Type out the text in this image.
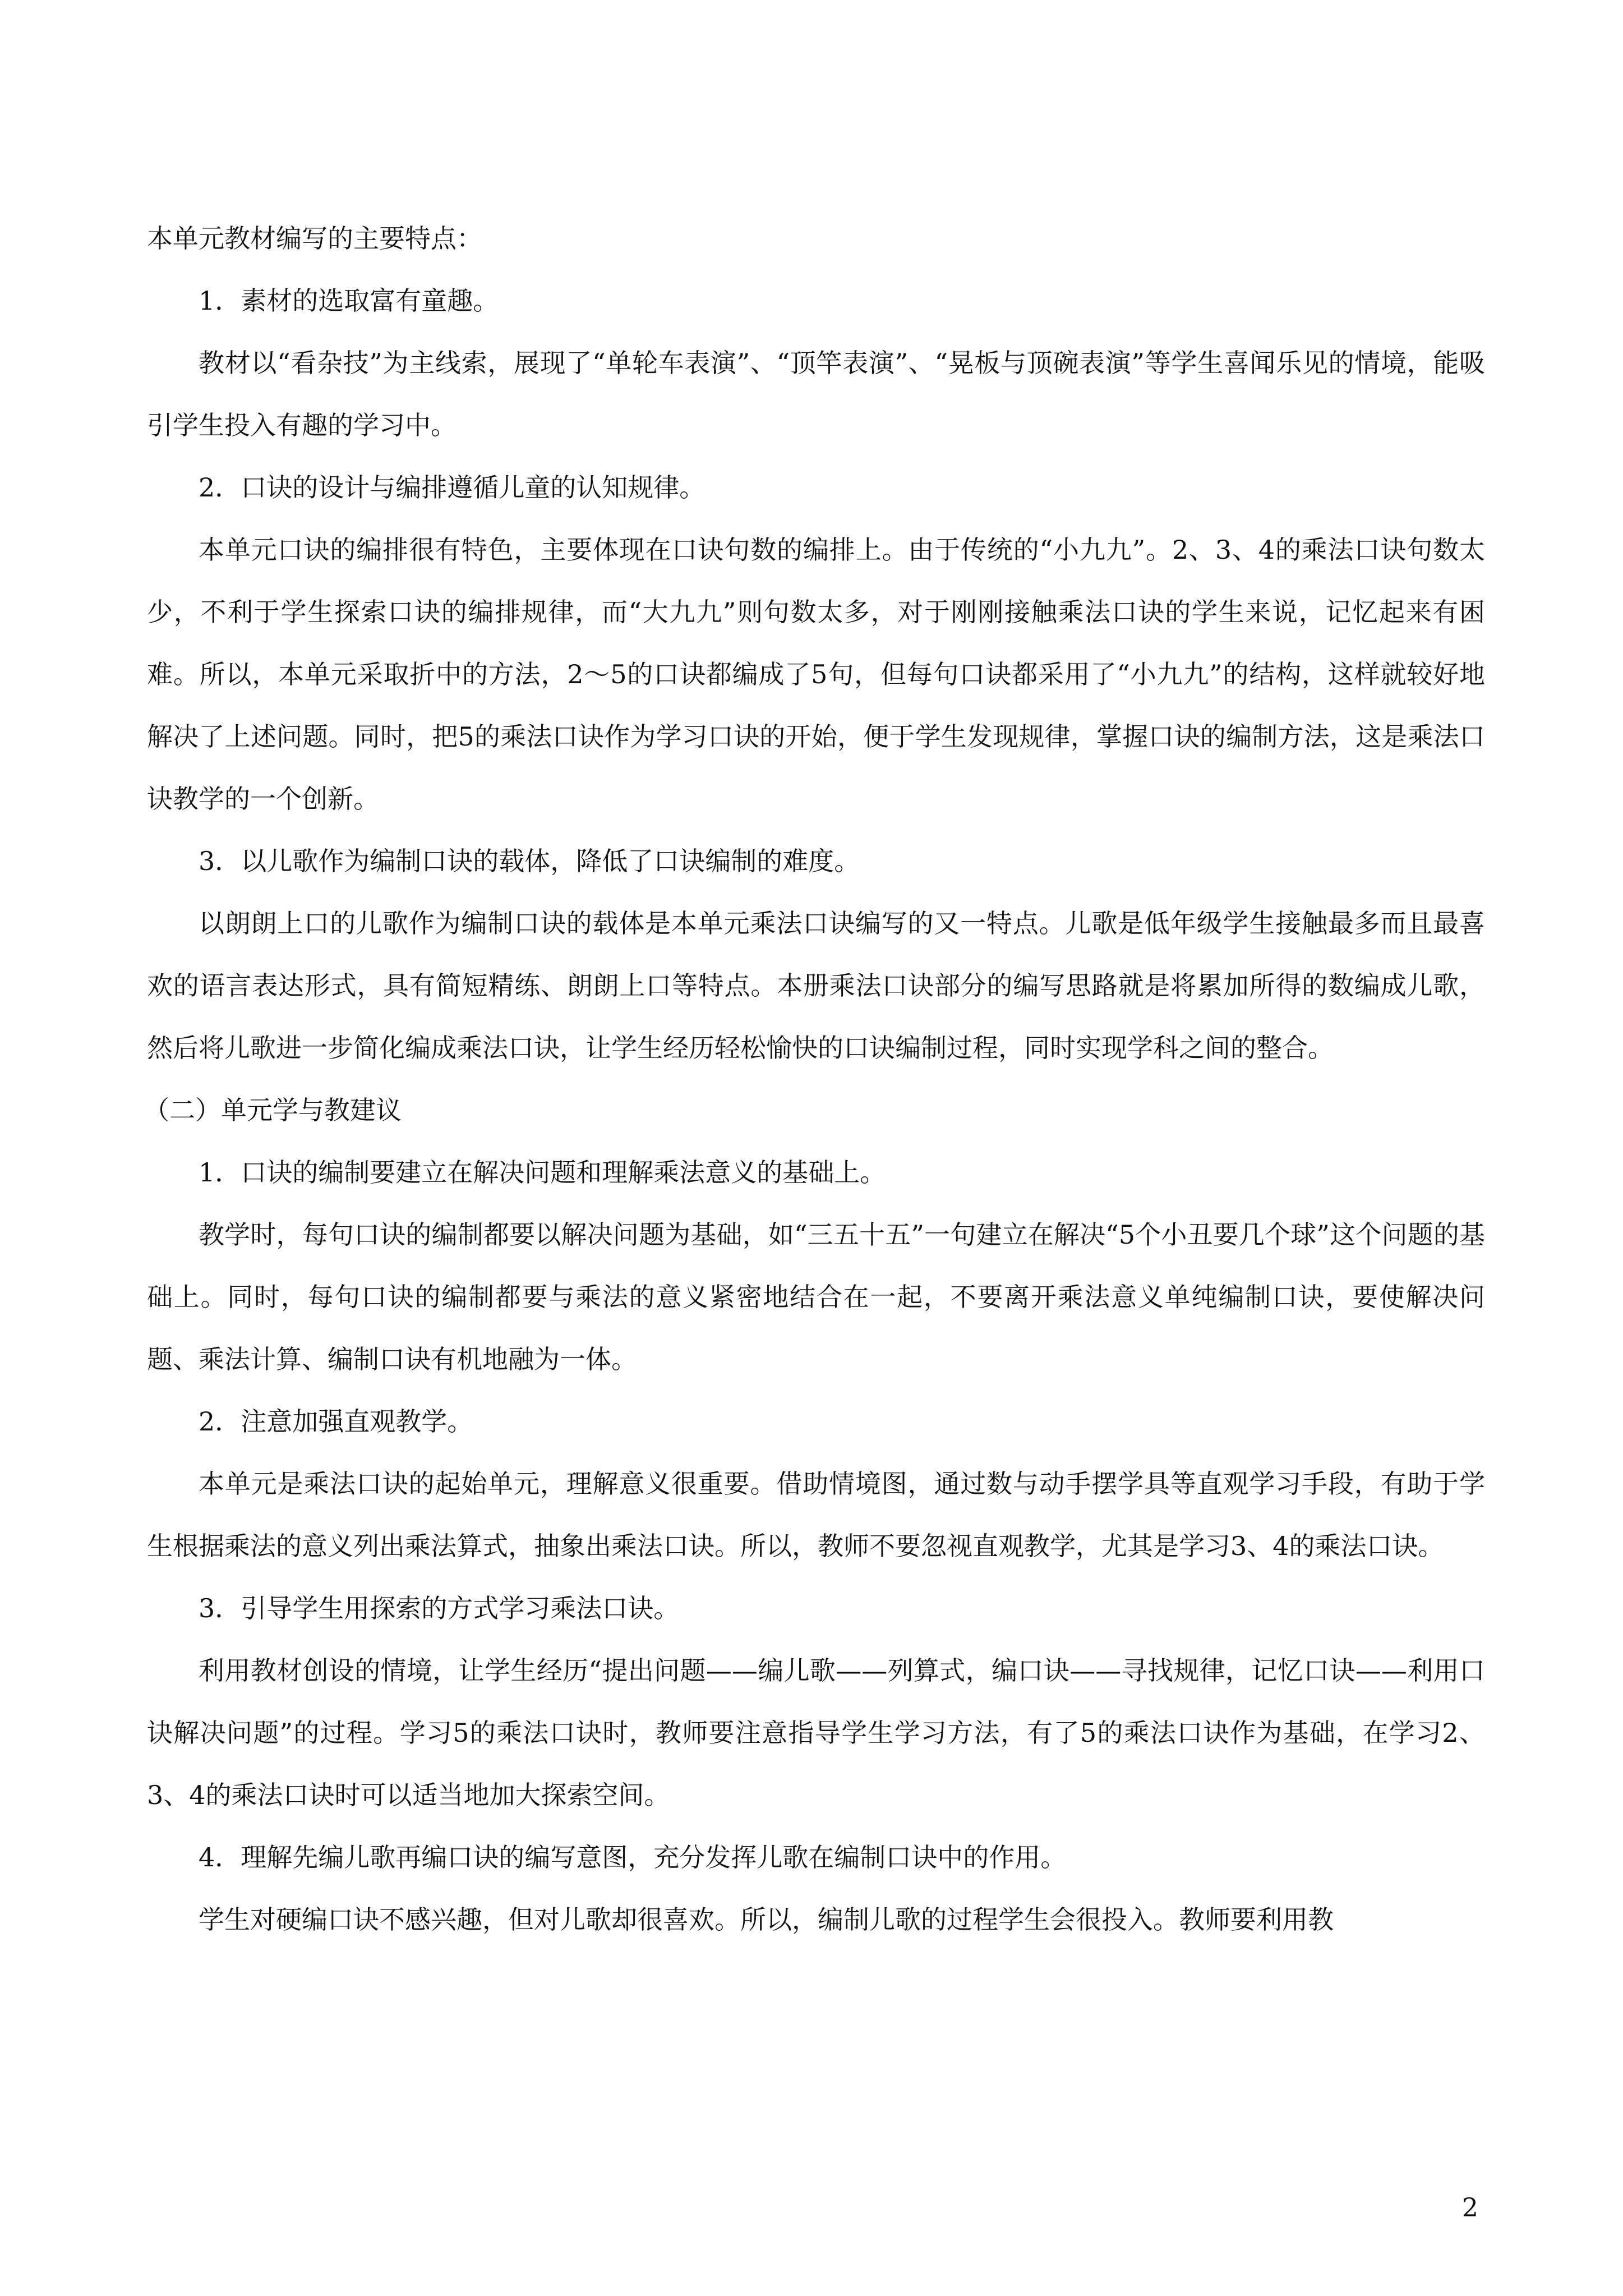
本单元教材编写的主要特点：

1．素材的选取富有童趣。

教材以“看杂技”为主线索，展现了“单轮车表演”、“顶竿表演”、“晃板与顶碗表演”等学生喜闻乐见的情境，能吸引学生投入有趣的学习中。

2．口诀的设计与编排遵循儿童的认知规律。

本单元口诀的编排很有特色，主要体现在口诀句数的编排上。由于传统的“小九九”。2、3、4的乘法口诀句数太少，不利于学生探索口诀的编排规律，而“大九九”则句数太多，对于刚刚接触乘法口诀的学生来说，记忆起来有困难。所以，本单元采取折中的方法，2～5的口诀都编成了5句，但每句口诀都采用了“小九九”的结构，这样就较好地解决了上述问题。同时，把5的乘法口诀作为学习口诀的开始，便于学生发现规律，掌握口诀的编制方法，这是乘法口诀教学的一个创新。

3．以儿歌作为编制口诀的载体，降低了口诀编制的难度。

以朗朗上口的儿歌作为编制口诀的载体是本单元乘法口诀编写的又一特点。儿歌是低年级学生接触最多而且最喜欢的语言表达形式，具有简短精练、朗朗上口等特点。本册乘法口诀部分的编写思路就是将累加所得的数编成儿歌，然后将儿歌进一步简化编成乘法口诀，让学生经历轻松愉快的口诀编制过程，同时实现学科之间的整合。

（二）单元学与教建议

1．口诀的编制要建立在解决问题和理解乘法意义的基础上。

教学时，每句口诀的编制都要以解决问题为基础，如“三五十五”一句建立在解决“5个小丑要几个球”这个问题的基础上。同时，每句口诀的编制都要与乘法的意义紧密地结合在一起，不要离开乘法意义单纯编制口诀，要使解决问题、乘法计算、编制口诀有机地融为一体。

2．注意加强直观教学。

本单元是乘法口诀的起始单元，理解意义很重要。借助情境图，通过数与动手摆学具等直观学习手段，有助于学生根据乘法的意义列出乘法算式，抽象出乘法口诀。所以，教师不要忽视直观教学，尤其是学习3、4的乘法口诀。

3．引导学生用探索的方式学习乘法口诀。

利用教材创设的情境，让学生经历“提出问题——编儿歌——列算式，编口诀——寻找规律，记忆口诀——利用口诀解决问题”的过程。学习5的乘法口诀时，教师要注意指导学生学习方法，有了5的乘法口诀作为基础，在学习2、3、4的乘法口诀时可以适当地加大探索空间。

4．理解先编儿歌再编口诀的编写意图，充分发挥儿歌在编制口诀中的作用。

学生对硬编口诀不感兴趣，但对儿歌却很喜欢。所以，编制儿歌的过程学生会很投入。教师要利用教

2
